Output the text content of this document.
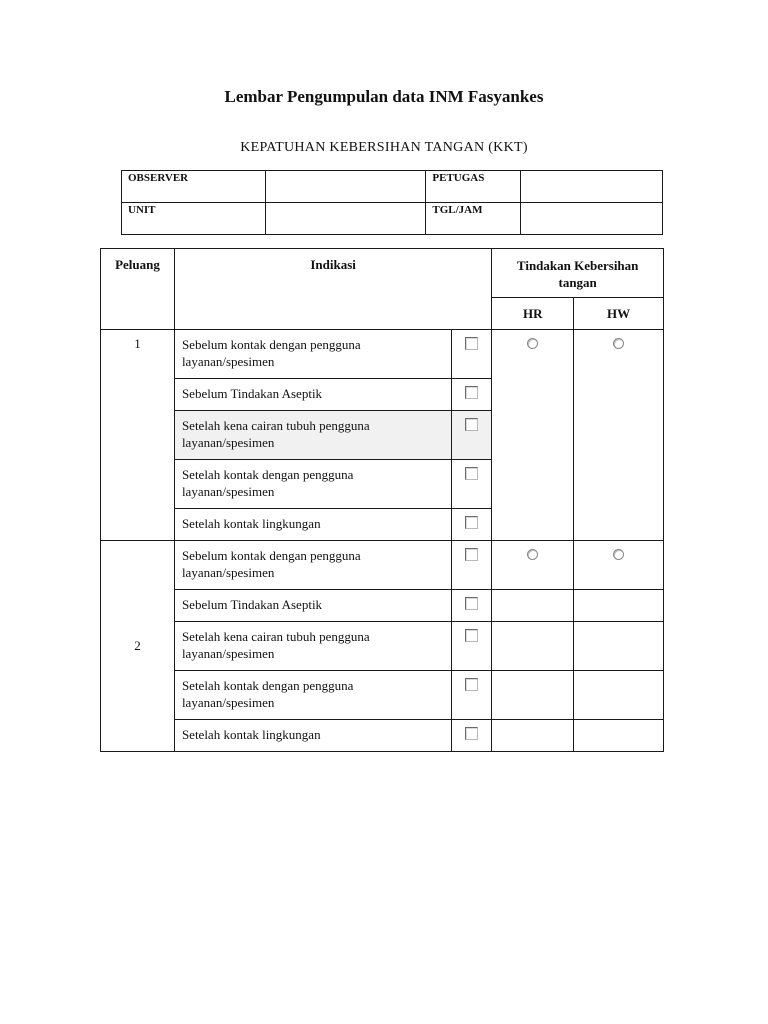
Lembar Pengumpulan data INM Fasyankes
KEPATUHAN KEBERSIHAN TANGAN (KKT)
OBSERVER		PETUGAS	
UNIT		TGL/JAM	
Peluang	Indikasi		Tindakan Kebersihan tangan	
			HR	HW
1	Sebelum kontak dengan pengguna layanan/spesimen			
	Sebelum Tindakan Aseptik			
	Setelah kena cairan tubuh pengguna layanan/spesimen			
	Setelah kontak dengan pengguna layanan/spesimen			
	Setelah kontak lingkungan			
2	Sebelum kontak dengan pengguna layanan/spesimen			
	Sebelum Tindakan Aseptik			
	Setelah kena cairan tubuh pengguna layanan/spesimen			
	Setelah kontak dengan pengguna layanan/spesimen			
	Setelah kontak lingkungan			
